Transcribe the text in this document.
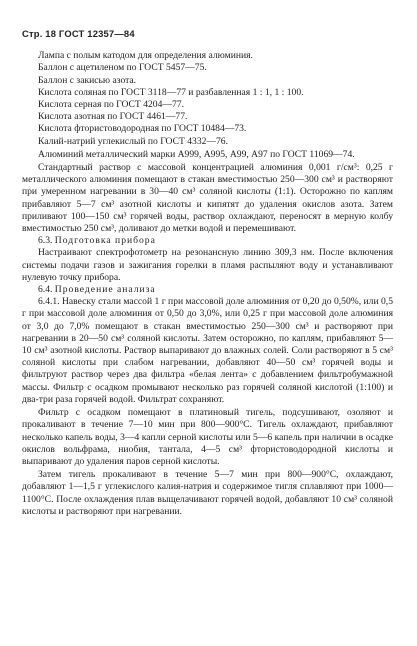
Стр. 18 ГОСТ 12357—84

Лампа с полым катодом для определения алюминия.

Баллон с ацетиленом по ГОСТ 5457—75.

Баллон с закисью азота.

Кислота соляная по ГОСТ 3118—77 и разбавленная 1 : 1, 1 : 100.

Кислота серная по ГОСТ 4204—77.

Кислота азотная по ГОСТ 4461—77.

Кислота фтористоводородная по ГОСТ 10484—73.

Калий-натрий углекислый по ГОСТ 4332—76.

Алюминий металлический марки А999, А995, А99, А97 по ГОСТ 11069—74.

Стандартный раствор с массовой концентрацией алюминия 0,001 г/см³: 0,25 г металлического алюминия помещают в стакан вместимостью 250—300 см³ и растворяют при умеренном нагревании в 30—40 см³ соляной кислоты (1:1). Осторожно по каплям прибавляют 5—7 см³ азотной кислоты и кипятят до удаления окислов азота. Затем приливают 100—150 см³ горячей воды, раствор охлаждают, переносят в мерную колбу вместимостью 250 см³, доливают до метки водой и перемешивают.

6.3. Подготовка прибора

Настраивают спектрофотометр на резонансную линию 309,3 нм. После включения системы подачи газов и зажигания горелки в пламя распыляют воду и устанавливают нулевую точку прибора.

6.4. Проведение анализа

6.4.1. Навеску стали массой 1 г при массовой доле алюминия от 0,20 до 0,50%, или 0,5 г при массовой доле алюминия от 0,50 до 3,0%, или 0,25 г при массовой доле алюминия от 3,0 до 7,0% помещают в стакан вместимостью 250—300 см³ и растворяют при нагревании в 20—50 см³ соляной кислоты. Затем осторожно, по каплям, прибавляют 5—10 см³ азотной кислоты. Раствор выпаривают до влажных солей. Соли растворяют в 5 см³ соляной кислоты при слабом нагревании, добавляют 40—50 см³ горячей воды и фильтруют раствор через два фильтра «белая лента» с добавлением фильтробумажной массы. Фильтр с осадком промывают несколько раз горячей соляной кислотой (1:100) и два-три раза горячей водой. Фильтрат сохраняют.

Фильтр с осадком помещают в платиновый тигель, подсушивают, озоляют и прокаливают в течение 7—10 мин при 800—900°С. Тигель охлаждают, прибавляют несколько капель воды, 3—4 капли серной кислоты или 5—6 капель при наличии в осадке окислов вольфрама, ниобия, тантала, 4—5 см³ фтористоводородной кислоты и выпаривают до удаления паров серной кислоты.

Затем тигель прокаливают в течение 5—7 мин при 800—900°С, охлаждают, добавляют 1—1,5 г углекислого калия-натрия и содержимое тигля сплавляют при 1000—1100°С. После охлаждения плав выщелачивают горячей водой, добавляют 10 см³ соляной кислоты и растворяют при нагревании.
